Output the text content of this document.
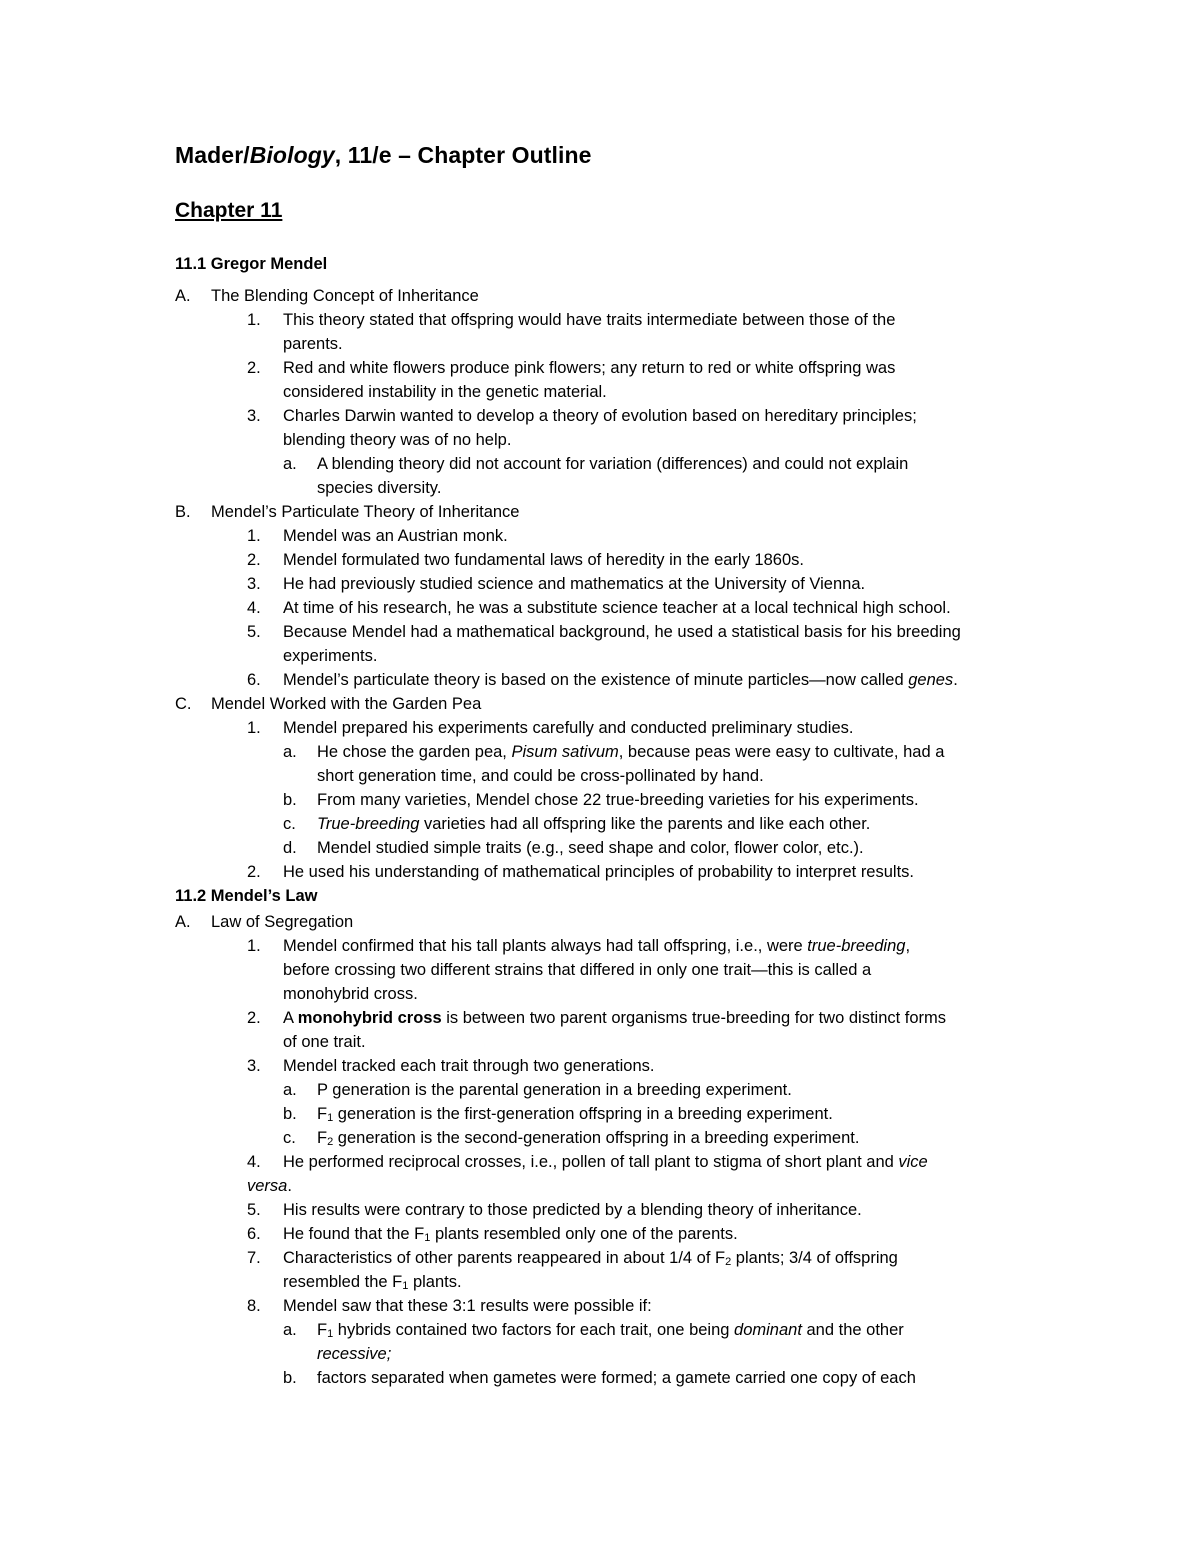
Mader/Biology, 11/e – Chapter Outline
Chapter 11
11.1 Gregor Mendel
A. The Blending Concept of Inheritance
1. This theory stated that offspring would have traits intermediate between those of the
parents.
2. Red and white flowers produce pink flowers; any return to red or white offspring was
considered instability in the genetic material.
3. Charles Darwin wanted to develop a theory of evolution based on hereditary principles;
blending theory was of no help.
a. A blending theory did not account for variation (differences) and could not explain
species diversity.
B. Mendel’s Particulate Theory of Inheritance
1. Mendel was an Austrian monk.
2. Mendel formulated two fundamental laws of heredity in the early 1860s.
3. He had previously studied science and mathematics at the University of Vienna.
4. At time of his research, he was a substitute science teacher at a local technical high school.
5. Because Mendel had a mathematical background, he used a statistical basis for his breeding
experiments.
6. Mendel’s particulate theory is based on the existence of minute particles—now called genes.
C. Mendel Worked with the Garden Pea
1. Mendel prepared his experiments carefully and conducted preliminary studies.
a. He chose the garden pea, Pisum sativum, because peas were easy to cultivate, had a
short generation time, and could be cross-pollinated by hand.
b. From many varieties, Mendel chose 22 true-breeding varieties for his experiments.
c. True-breeding varieties had all offspring like the parents and like each other.
d. Mendel studied simple traits (e.g., seed shape and color, flower color, etc.).
2. He used his understanding of mathematical principles of probability to interpret results.
11.2 Mendel’s Law
A. Law of Segregation
1. Mendel confirmed that his tall plants always had tall offspring, i.e., were true-breeding,
before crossing two different strains that differed in only one trait—this is called a
monohybrid cross.
2. A monohybrid cross is between two parent organisms true-breeding for two distinct forms
of one trait.
3. Mendel tracked each trait through two generations.
a. P generation is the parental generation in a breeding experiment.
b. $F_1$ generation is the first-generation offspring in a breeding experiment.
c. $F_2$ generation is the second-generation offspring in a breeding experiment.
4. He performed reciprocal crosses, i.e., pollen of tall plant to stigma of short plant and vice
versa.
5. His results were contrary to those predicted by a blending theory of inheritance.
6. He found that the $F_1$ plants resembled only one of the parents.
7. Characteristics of other parents reappeared in about 1/4 of $F_2$ plants; 3/4 of offspring
resembled the $F_1$ plants.
8. Mendel saw that these 3:1 results were possible if:
a. $F_1$ hybrids contained two factors for each trait, one being dominant and the other
recessive;
b. factors separated when gametes were formed; a gamete carried one copy of each
